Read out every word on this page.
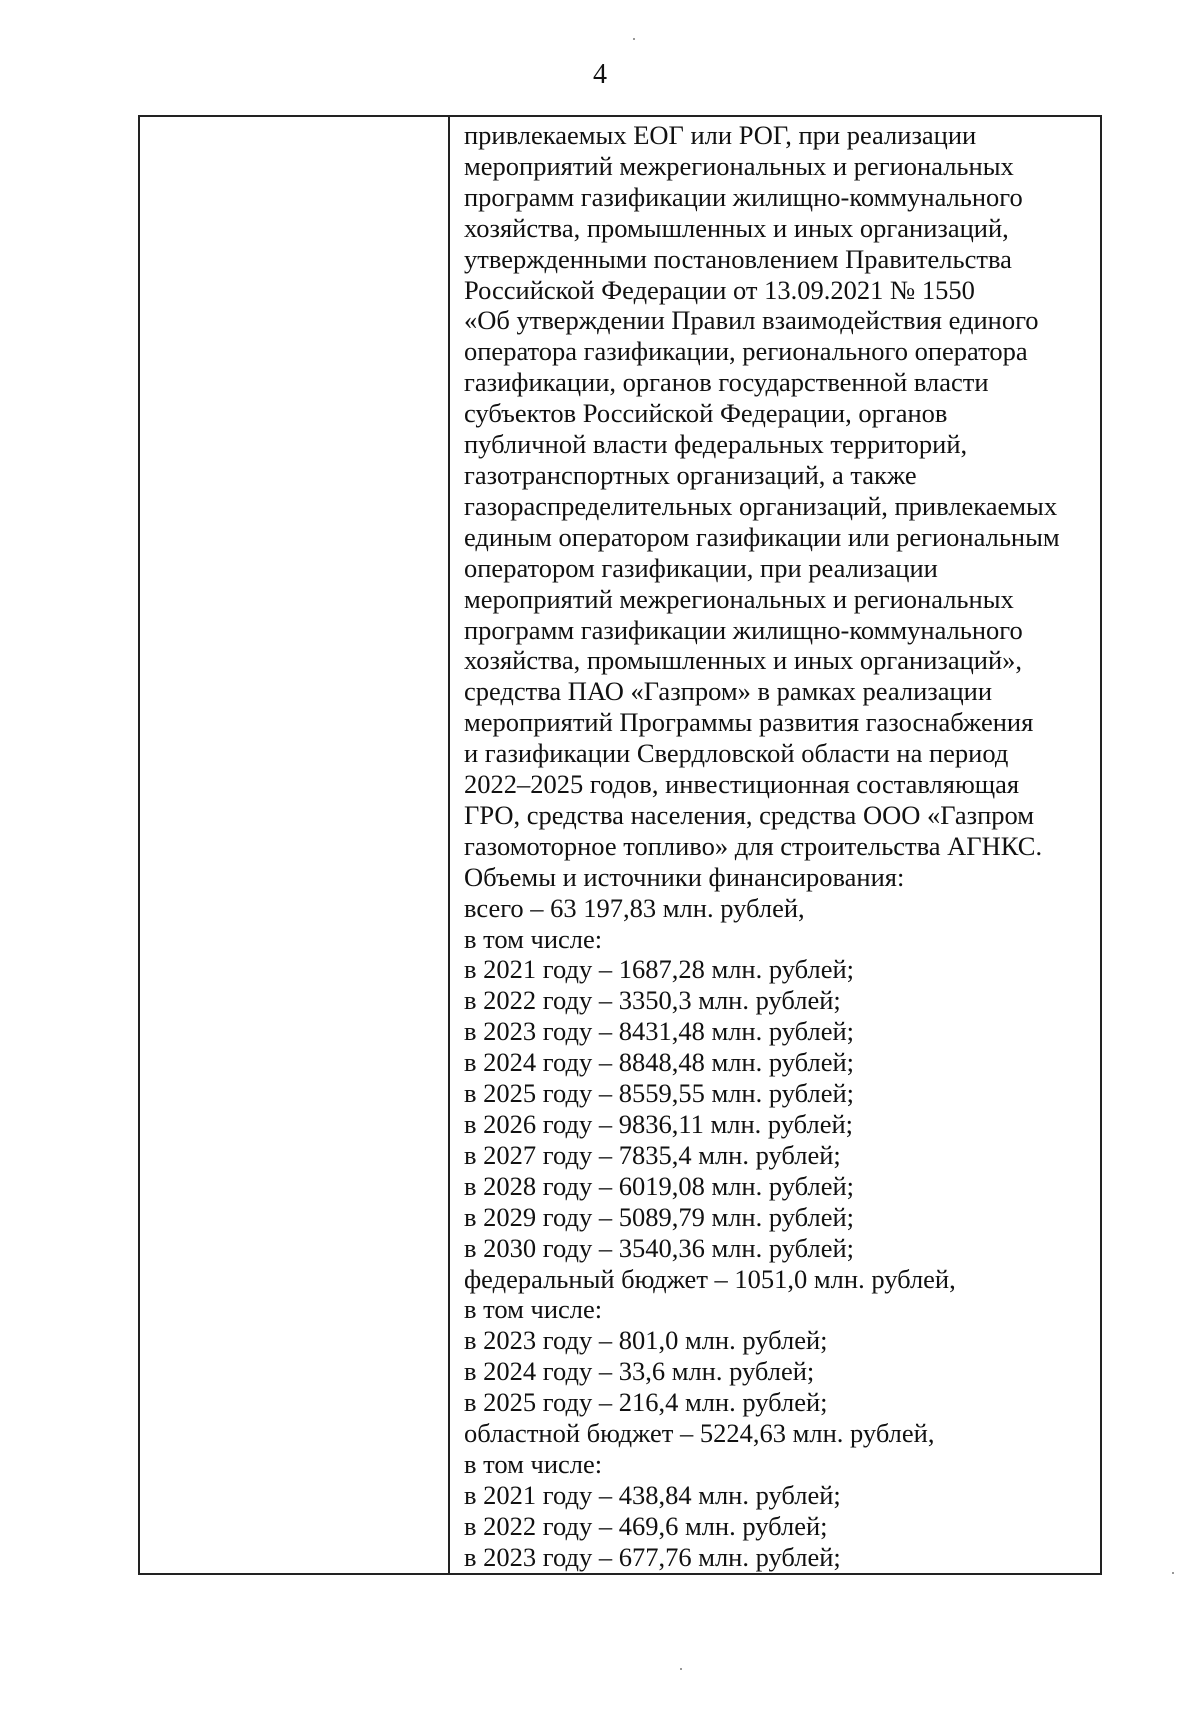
4
привлекаемых ЕОГ или РОГ, при реализации
мероприятий межрегиональных и региональных
программ газификации жилищно-коммунального
хозяйства, промышленных и иных организаций,
утвержденными постановлением Правительства
Российской Федерации от 13.09.2021 № 1550
«Об утверждении Правил взаимодействия единого
оператора газификации, регионального оператора
газификации, органов государственной власти
субъектов Российской Федерации, органов
публичной власти федеральных территорий,
газотранспортных организаций, а также
газораспределительных организаций, привлекаемых
единым оператором газификации или региональным
оператором газификации, при реализации
мероприятий межрегиональных и региональных
программ газификации жилищно-коммунального
хозяйства, промышленных и иных организаций»,
средства ПАО «Газпром» в рамках реализации
мероприятий Программы развития газоснабжения
и газификации Свердловской области на период
2022–2025 годов, инвестиционная составляющая
ГРО, средства населения, средства ООО «Газпром
газомоторное топливо» для строительства АГНКС.
Объемы и источники финансирования:
всего – 63 197,83 млн. рублей,
в том числе:
в 2021 году – 1687,28 млн. рублей;
в 2022 году – 3350,3 млн. рублей;
в 2023 году – 8431,48 млн. рублей;
в 2024 году – 8848,48 млн. рублей;
в 2025 году – 8559,55 млн. рублей;
в 2026 году – 9836,11 млн. рублей;
в 2027 году – 7835,4 млн. рублей;
в 2028 году – 6019,08 млн. рублей;
в 2029 году – 5089,79 млн. рублей;
в 2030 году – 3540,36 млн. рублей;
федеральный бюджет – 1051,0 млн. рублей,
в том числе:
в 2023 году – 801,0 млн. рублей;
в 2024 году – 33,6 млн. рублей;
в 2025 году – 216,4 млн. рублей;
областной бюджет – 5224,63 млн. рублей,
в том числе:
в 2021 году – 438,84 млн. рублей;
в 2022 году – 469,6 млн. рублей;
в 2023 году – 677,76 млн. рублей;
